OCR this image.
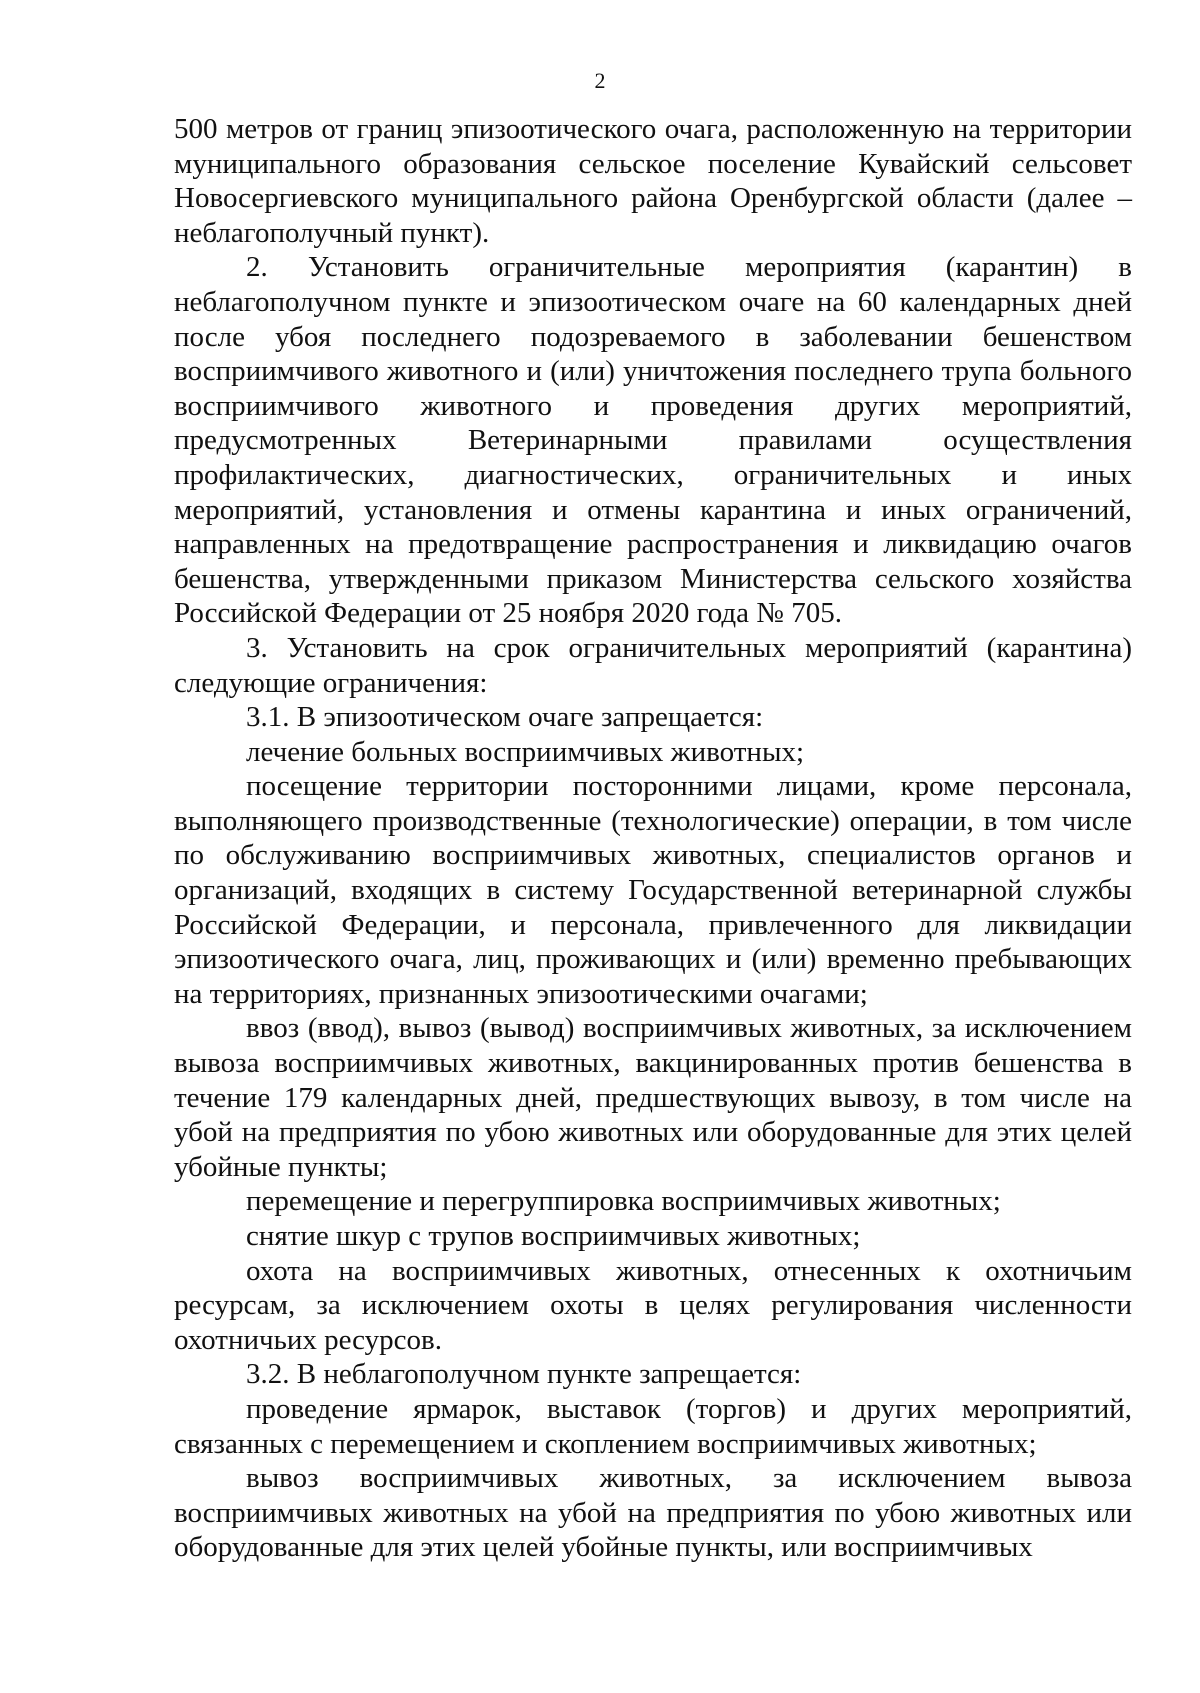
2

500 метров от границ эпизоотического очага, расположенную на территории муниципального образования сельское поселение Кувайский сельсовет Новосергиевского муниципального района Оренбургской области (далее – неблагополучный пункт).

2. Установить ограничительные мероприятия (карантин) в неблагополучном пункте и эпизоотическом очаге на 60 календарных дней после убоя последнего подозреваемого в заболевании бешенством восприимчивого животного и (или) уничтожения последнего трупа больного восприимчивого животного и проведения других мероприятий, предусмотренных Ветеринарными правилами осуществления профилактических, диагностических, ограничительных и иных мероприятий, установления и отмены карантина и иных ограничений, направленных на предотвращение распространения и ликвидацию очагов бешенства, утвержденными приказом Министерства сельского хозяйства Российской Федерации от 25 ноября 2020 года № 705.

3. Установить на срок ограничительных мероприятий (карантина) следующие ограничения:

3.1. В эпизоотическом очаге запрещается:

лечение больных восприимчивых животных;

посещение территории посторонними лицами, кроме персонала, выполняющего производственные (технологические) операции, в том числе по обслуживанию восприимчивых животных, специалистов органов и организаций, входящих в систему Государственной ветеринарной службы Российской Федерации, и персонала, привлеченного для ликвидации эпизоотического очага, лиц, проживающих и (или) временно пребывающих на территориях, признанных эпизоотическими очагами;

ввоз (ввод), вывоз (вывод) восприимчивых животных, за исключением вывоза восприимчивых животных, вакцинированных против бешенства в течение 179 календарных дней, предшествующих вывозу, в том числе на убой на предприятия по убою животных или оборудованные для этих целей убойные пункты;

перемещение и перегруппировка восприимчивых животных;

снятие шкур с трупов восприимчивых животных;

охота на восприимчивых животных, отнесенных к охотничьим ресурсам, за исключением охоты в целях регулирования численности охотничьих ресурсов.

3.2. В неблагополучном пункте запрещается:

проведение ярмарок, выставок (торгов) и других мероприятий, связанных с перемещением и скоплением восприимчивых животных;

вывоз восприимчивых животных, за исключением вывоза восприимчивых животных на убой на предприятия по убою животных или оборудованные для этих целей убойные пункты, или восприимчивых
